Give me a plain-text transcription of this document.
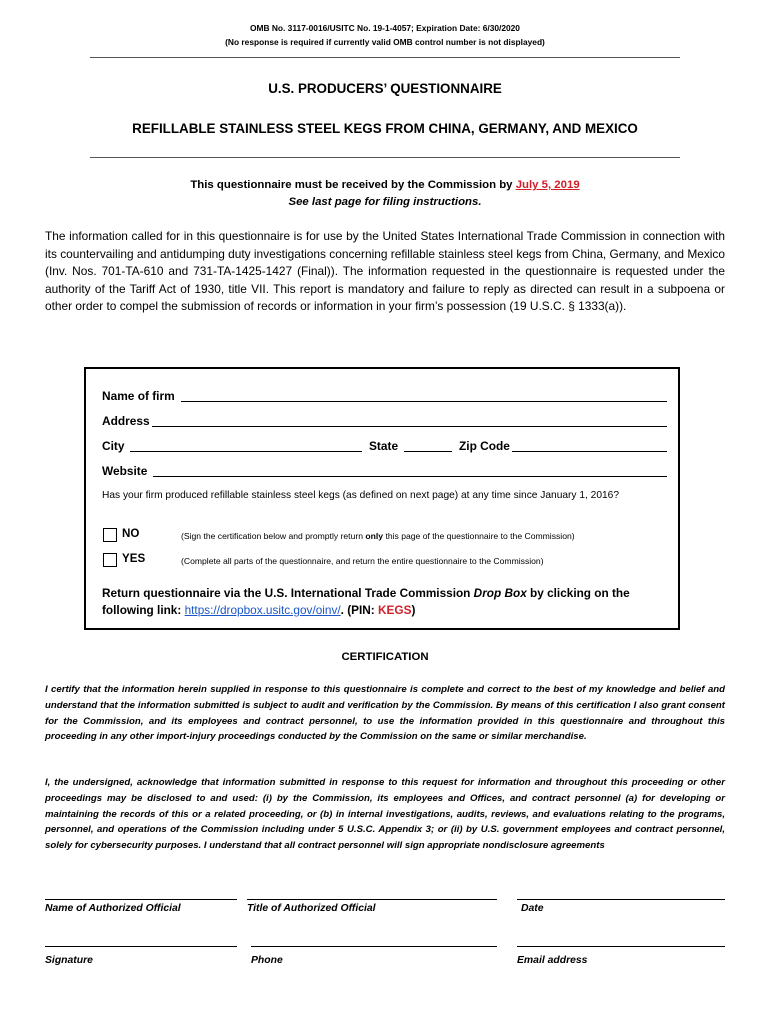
OMB No. 3117-0016/USITC No. 19-1-4057; Expiration Date: 6/30/2020
(No response is required if currently valid OMB control number is not displayed)
U.S. PRODUCERS’ QUESTIONNAIRE
REFILLABLE STAINLESS STEEL KEGS FROM CHINA, GERMANY, AND MEXICO
This questionnaire must be received by the Commission by July 5, 2019
See last page for filing instructions.
The information called for in this questionnaire is for use by the United States International Trade Commission in connection with its countervailing and antidumping duty investigations concerning refillable stainless steel kegs from China, Germany, and Mexico (Inv. Nos. 701-TA-610 and 731-TA-1425-1427 (Final)). The information requested in the questionnaire is requested under the authority of the Tariff Act of 1930, title VII. This report is mandatory and failure to reply as directed can result in a subpoena or other order to compel the submission of records or information in your firm’s possession (19 U.S.C. § 1333(a)).
Name of firm
Address
City	State	Zip Code
Website
Has your firm produced refillable stainless steel kegs (as defined on next page) at any time since January 1, 2016?
NO	(Sign the certification below and promptly return only this page of the questionnaire to the Commission)
YES	(Complete all parts of the questionnaire, and return the entire questionnaire to the Commission)
Return questionnaire via the U.S. International Trade Commission Drop Box by clicking on the following link: https://dropbox.usitc.gov/oinv/. (PIN: KEGS)
CERTIFICATION
I certify that the information herein supplied in response to this questionnaire is complete and correct to the best of my knowledge and belief and understand that the information submitted is subject to audit and verification by the Commission. By means of this certification I also grant consent for the Commission, and its employees and contract personnel, to use the information provided in this questionnaire and throughout this proceeding in any other import-injury proceedings conducted by the Commission on the same or similar merchandise.
I, the undersigned, acknowledge that information submitted in response to this request for information and throughout this proceeding or other proceedings may be disclosed to and used: (i) by the Commission, its employees and Offices, and contract personnel (a) for developing or maintaining the records of this or a related proceeding, or (b) in internal investigations, audits, reviews, and evaluations relating to the programs, personnel, and operations of the Commission including under 5 U.S.C. Appendix 3; or (ii) by U.S. government employees and contract personnel, solely for cybersecurity purposes. I understand that all contract personnel will sign appropriate nondisclosure agreements
Name of Authorized Official	Title of Authorized Official	Date
Signature	Phone	Email address
